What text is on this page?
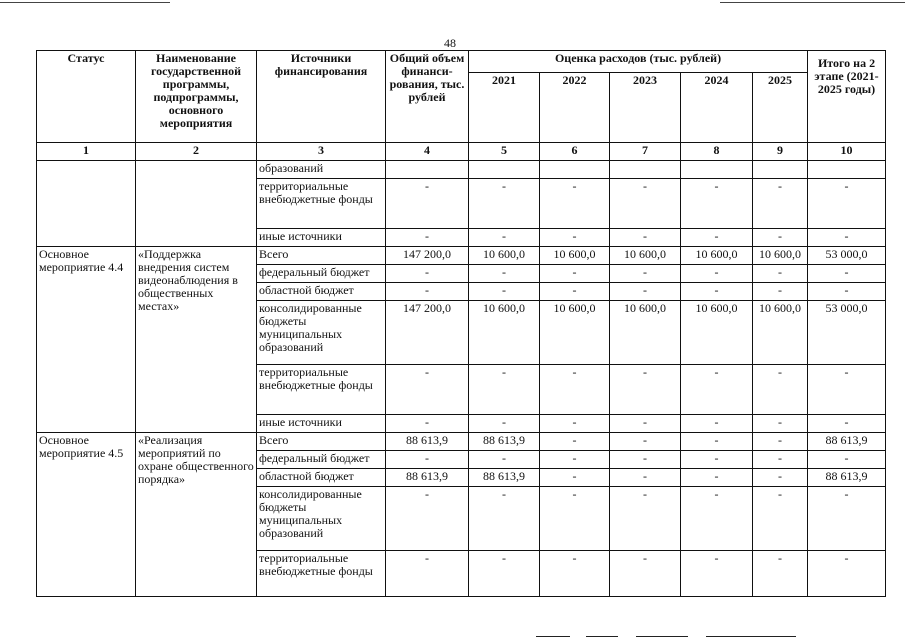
48
Статус	Наименование государственной программы, подпрограммы, основного мероприятия	Источники финансирования	Общий объем финанси-рования, тыс. рублей	Оценка расходов (тыс. рублей)					Итого на 2 этапе (2021-2025 годы)
				2021	2022	2023	2024	2025	
1	2	3	4	5	6	7	8	9	10
		образований							
		территориальные внебюджетные фонды	-	-	-	-	-	-	-
		иные источники	-	-	-	-	-	-	-
Основное мероприятие 4.4	«Поддержка внедрения систем видеонаблюдения в общественных местах»	Всего	147 200,0	10 600,0	10 600,0	10 600,0	10 600,0	10 600,0	53 000,0
		федеральный бюджет	-	-	-	-	-	-	-
		областной бюджет	-	-	-	-	-	-	-
		консолидированные бюджеты муниципальных образований	147 200,0	10 600,0	10 600,0	10 600,0	10 600,0	10 600,0	53 000,0
		территориальные внебюджетные фонды	-	-	-	-	-	-	-
		иные источники	-	-	-	-	-	-	-
Основное мероприятие 4.5	«Реализация мероприятий по охране общественного порядка»	Всего	88 613,9	88 613,9	-	-	-	-	88 613,9
		федеральный бюджет	-	-	-	-	-	-	-
		областной бюджет	88 613,9	88 613,9	-	-	-	-	88 613,9
		консолидированные бюджеты муниципальных образований	-	-	-	-	-	-	-
		территориальные внебюджетные фонды	-	-	-	-	-	-	-
